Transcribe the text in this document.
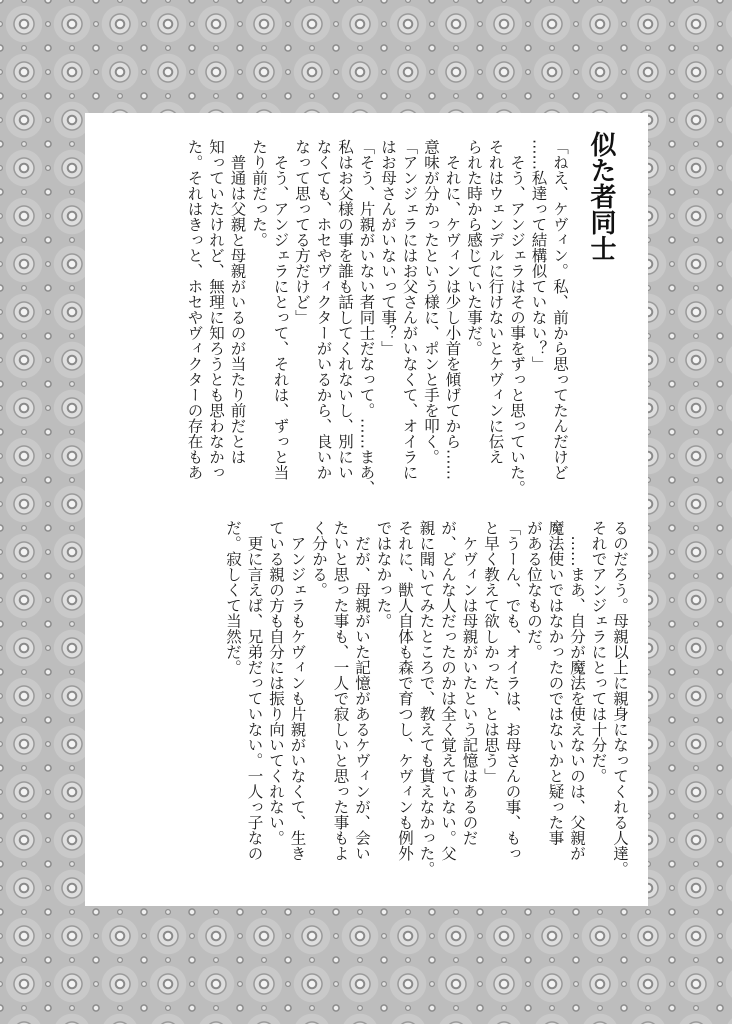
似た者同士

「ねえ、ケヴィン。私、前から思ってたんだけど
……私達って結構似ていない？」
　そう、アンジェラはその事をずっと思っていた。
それはウェンデルに行けないとケヴィンに伝え
られた時から感じていた事だ。
　それに、ケヴィンは少し小首を傾げてから……
意味が分かったという様に、ポンと手を叩く。
「アンジェラにはお父さんがいなくて、オイラに
はお母さんがいないって事？」
「そう、片親がいない者同士だなって。……まあ、
私はお父様の事を誰も話してくれないし、別にい
なくても、ホセやヴィクターがいるから、良いか
なって思ってる方だけど」
　そう、アンジェラにとって、それは、ずっと当
たり前だった。
　普通は父親と母親がいるのが当たり前だとは
知っていたけれど、無理に知ろうとも思わなかっ
た。それはきっと、ホセやヴィクターの存在もあ

るのだろう。母親以上に親身になってくれる人達。
それでアンジェラにとっては十分だ。
　……まあ、自分が魔法を使えないのは、父親が
魔法使いではなかったのではないかと疑った事
がある位なものだ。
「うーん、でも、オイラは、お母さんの事、もっ
と早く教えて欲しかった、とは思う」
　ケヴィンは母親がいたという記憶はあるのだ
が、どんな人だったのかは全く覚えていない。父
親に聞いてみたところで、教えても貰えなかった。
それに、獣人自体も森で育つし、ケヴィンも例外
ではなかった。
　だが、母親がいた記憶があるケヴィンが、会い
たいと思った事も、一人で寂しいと思った事もよ
く分かる。
　アンジェラもケヴィンも片親がいなくて、生き
ている親の方も自分には振り向いてくれない。
　更に言えば、兄弟だっていない。一人っ子なの
だ。寂しくて当然だ。
